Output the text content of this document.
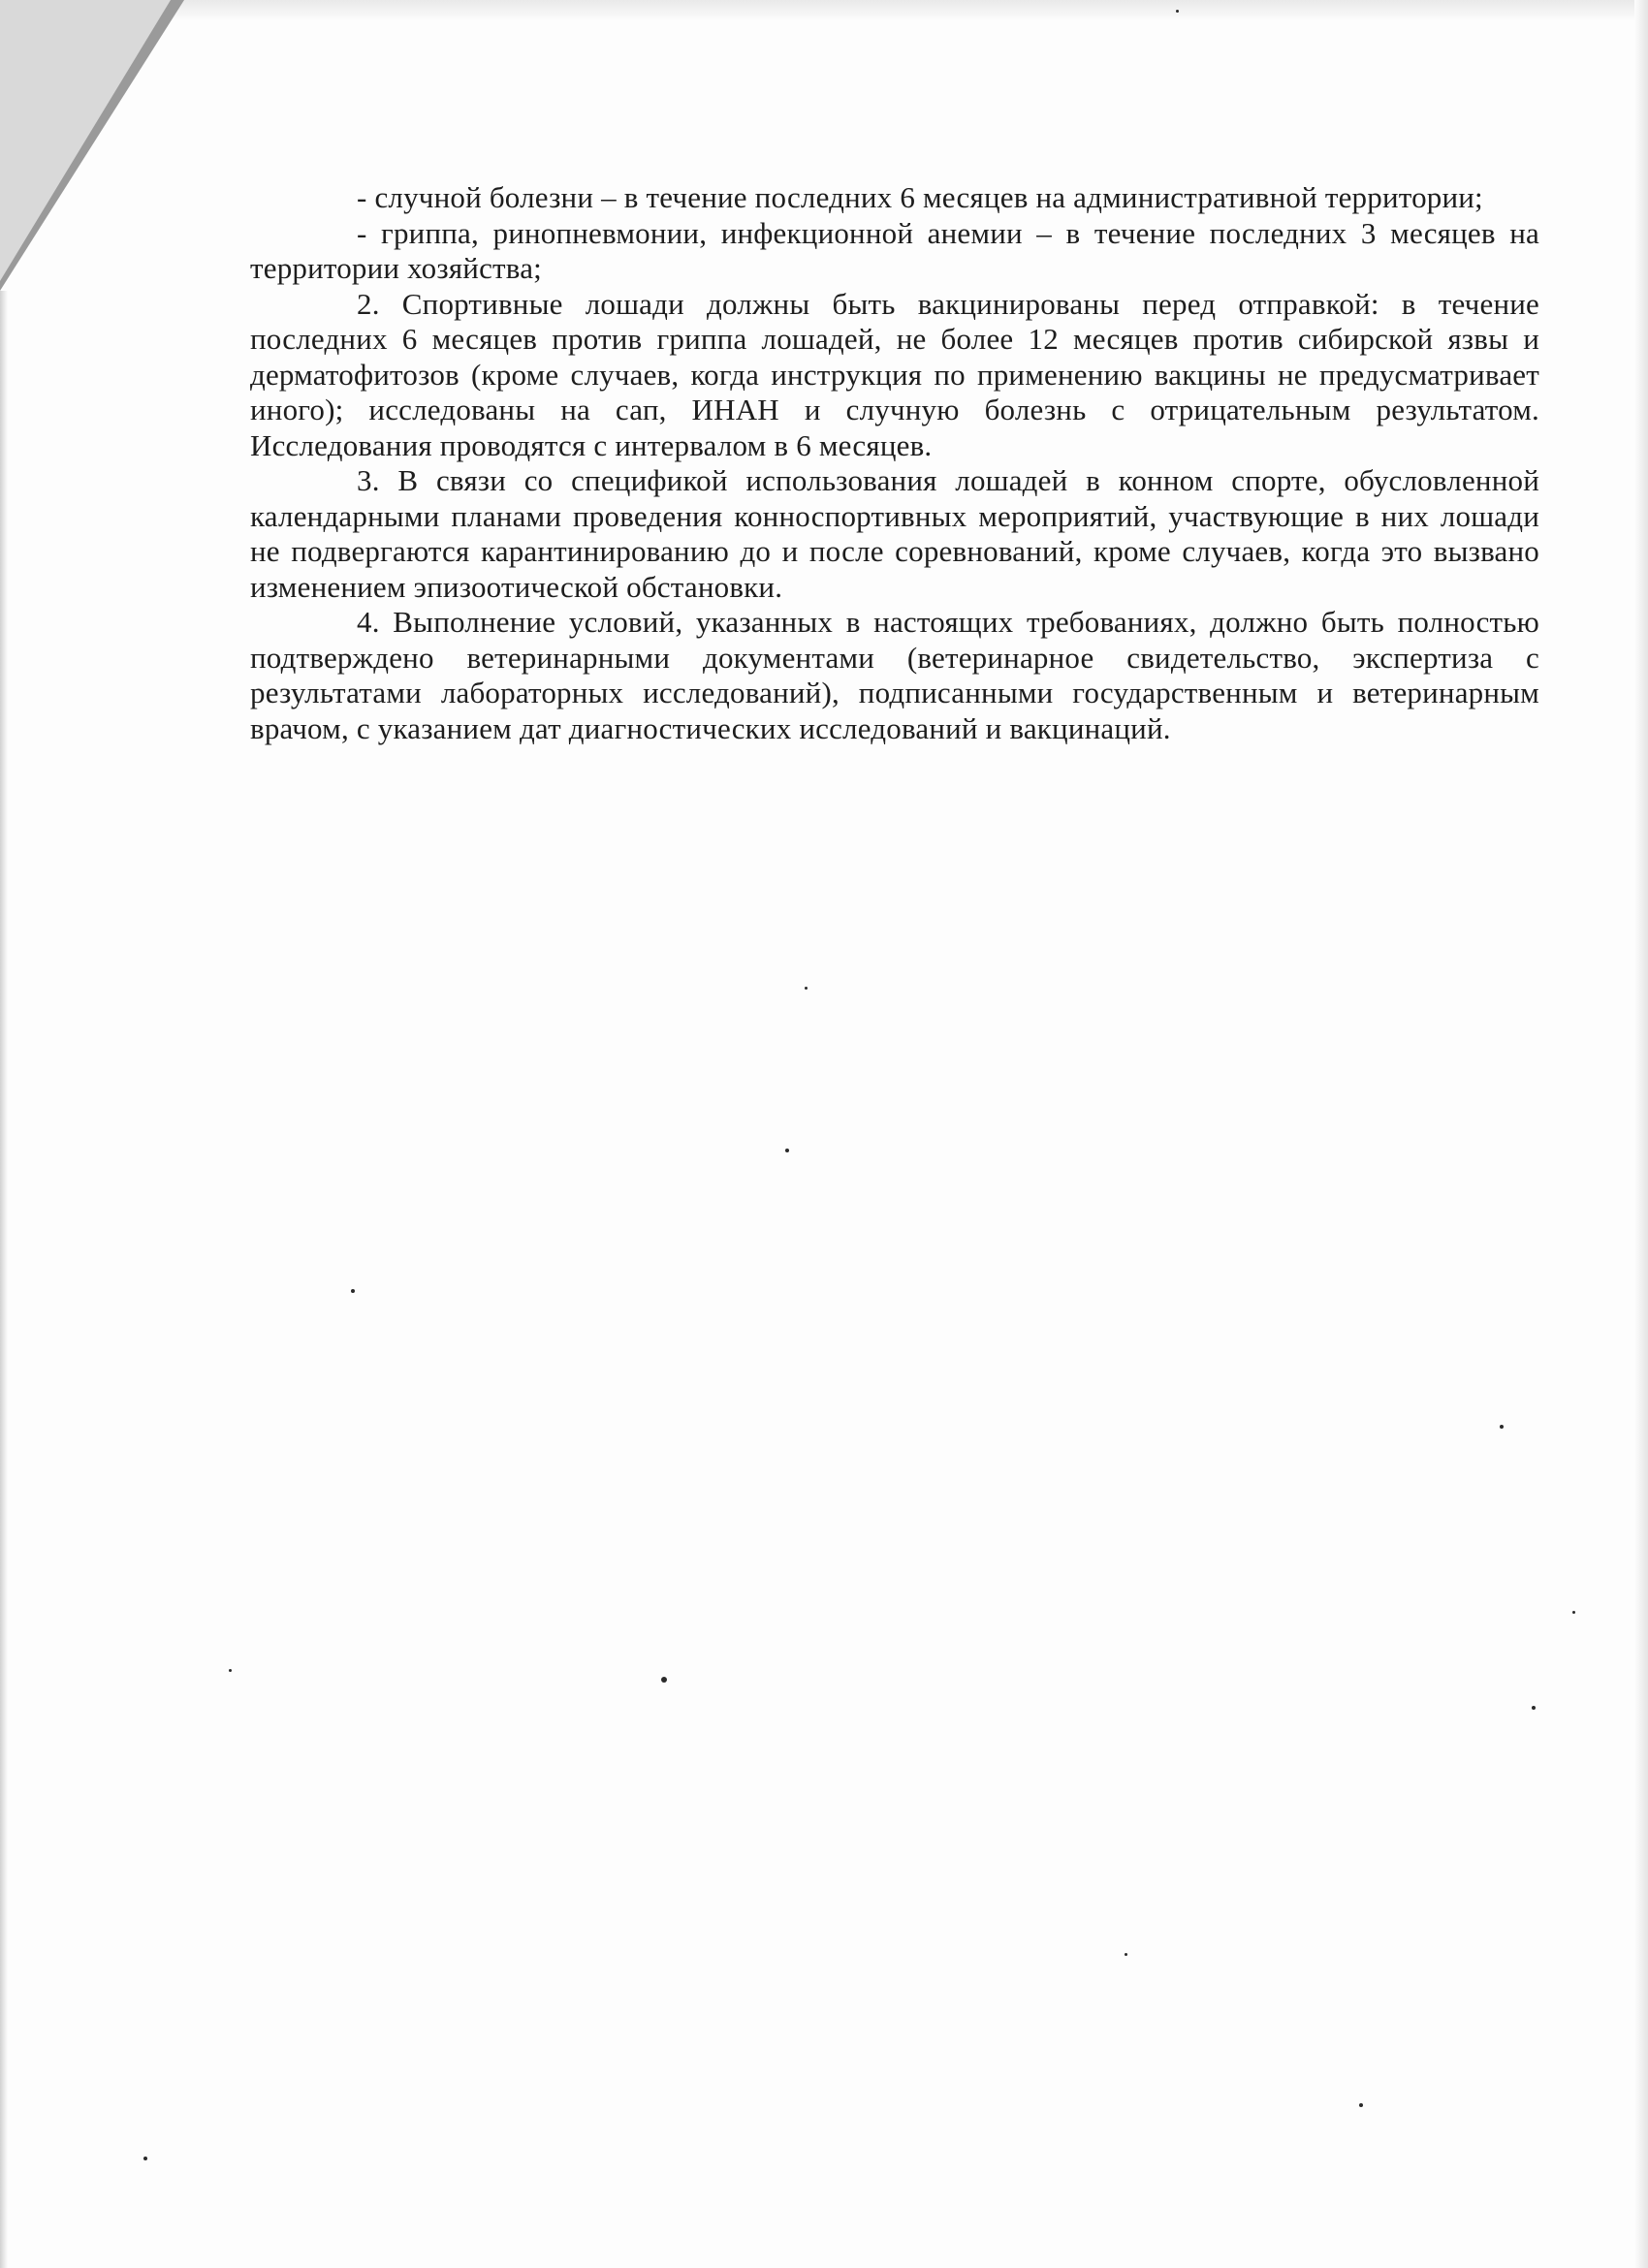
- случной болезни – в течение последних 6 месяцев на административной территории;

- гриппа, ринопневмонии, инфекционной анемии – в течение последних 3 месяцев на территории хозяйства;

2. Спортивные лошади должны быть вакцинированы перед отправкой: в течение последних 6 месяцев против гриппа лошадей, не более 12 месяцев против сибирской язвы и дерматофитозов (кроме случаев, когда инструкция по применению вакцины не предусматривает иного); исследованы на сап, ИНАН и случную болезнь с отрицательным результатом. Исследования проводятся с интервалом в 6 месяцев.

3. В связи со спецификой использования лошадей в конном спорте, обусловленной календарными планами проведения конноспортивных мероприятий, участвующие в них лошади не подвергаются карантинированию до и после соревнований, кроме случаев, когда это вызвано изменением эпизоотической обстановки.

4. Выполнение условий, указанных в настоящих требованиях, должно быть полностью подтверждено ветеринарными документами (ветеринарное свидетельство, экспертиза с результатами лабораторных исследований), подписанными государственным и ветеринарным врачом, с указанием дат диагностических исследований и вакцинаций.
